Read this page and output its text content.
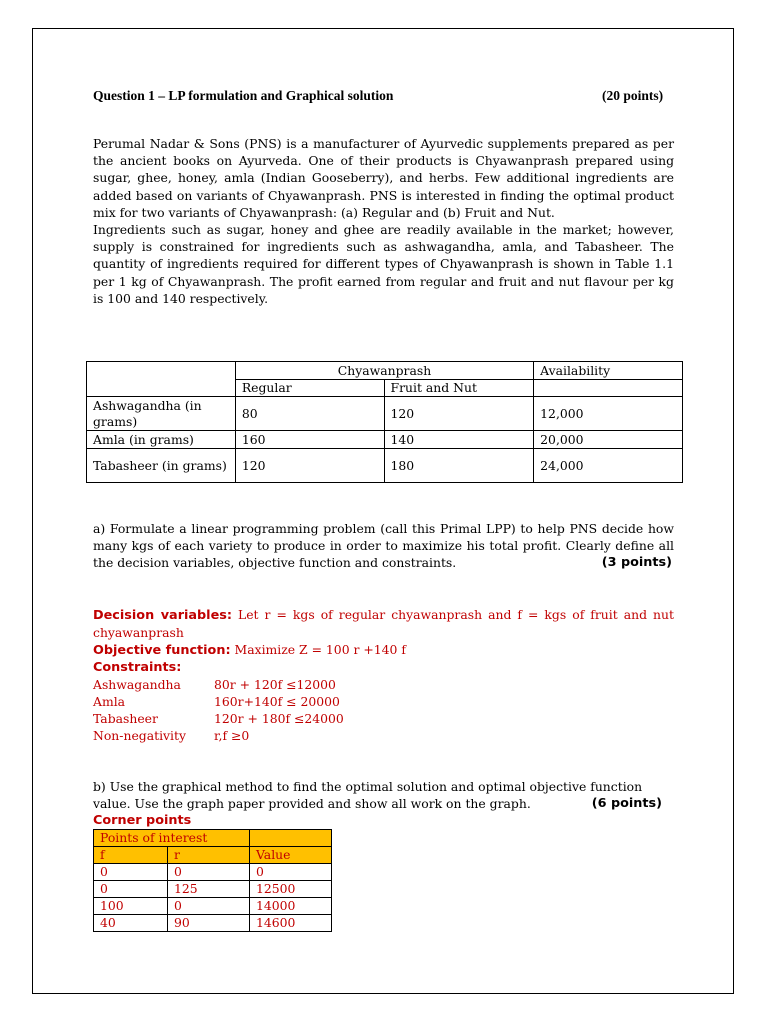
Question 1 – LP formulation and Graphical solution	(20 points)

Perumal Nadar & Sons (PNS) is a manufacturer of Ayurvedic supplements prepared as per the ancient books on Ayurveda. One of their products is Chyawanprash prepared using sugar, ghee, honey, amla (Indian Gooseberry), and herbs. Few additional ingredients are added based on variants of Chyawanprash. PNS is interested in finding the optimal product mix for two variants of Chyawanprash: (a) Regular and (b) Fruit and Nut.

Ingredients such as sugar, honey and ghee are readily available in the market; however, supply is constrained for ingredients such as ashwagandha, amla, and Tabasheer. The quantity of ingredients required for different types of Chyawanprash is shown in Table 1.1 per 1 kg of Chyawanprash. The profit earned from regular and fruit and nut flavour per kg is 100 and 140 respectively.

	Chyawanprash		Availability
	Regular	Fruit and Nut	
Ashwagandha (in grams)	80	120	12,000
Amla (in grams)	160	140	20,000
Tabasheer (in grams)	120	180	24,000
a) Formulate a linear programming problem (call this Primal LPP) to help PNS decide how many kgs of each variety to produce in order to maximize his total profit. Clearly define all the decision variables, objective function and constraints.	(3 points)
Decision variables: Let r = kgs of regular chyawanprash and f = kgs of fruit and nut chyawanprash
Objective function: Maximize Z = 100 r +140 f
Constraints:
Ashwagandha	80r + 120f ≤12000
Amla	160r+140f ≤ 20000
Tabasheer	120r + 180f ≤24000
Non-negativity	r,f ≥0
b) Use the graphical method to find the optimal solution and optimal objective function value. Use the graph paper provided and show all work on the graph.	(6 points)
Corner points
Points of interest		
f	r	Value
0	0	0
0	125	12500
100	0	14000
40	90	14600
